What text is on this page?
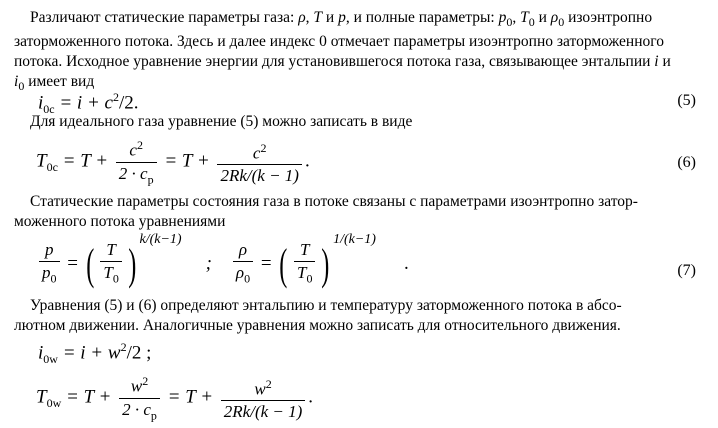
Различают статические параметры газа: ρ, T и p, и полные параметры: $p_0$, $T_0$ и $\rho_0$ изоэнтропно
заторможенного потока. Здесь и далее индекс 0 отмечает параметры изоэнтропно заторможенного
потока. Исходное уравнение энергии для установившегося потока газа, связывающее энтальпии i и
$i_0$ имеет вид
$i_{0c} = i + c^2/2$.	(5)
Для идеального газа уравнение (5) можно записать в виде
$T_{0c} = T + \frac{c^2}{2 \cdot c_p} = T + \frac{c^2}{2Rk/(k - 1)}$ .	(6)
Статические параметры состояния газа в потоке связаны с параметрами изоэнтропно затор-
моженного потока уравнениями
$\frac{p}{p_0}$ = ( $\frac{T}{T_0} )^{k/(k-1)}$; $\frac{\rho}{\rho_0}$ = ( $\frac{T}{T_0} )^{1/(k-1)}$.	(7)
Уравнения (5) и (6) определяют энтальпию и температуру заторможенного потока в абсо-
лютном движении. Аналогичные уравнения можно записать для относительного движения.
$i_{0w} = i + w^2/2$ ;
$T_{0w} = T + \frac{w^2}{2 \cdot c_p} = T + \frac{w^2}{2Rk/(k - 1)}$ .
